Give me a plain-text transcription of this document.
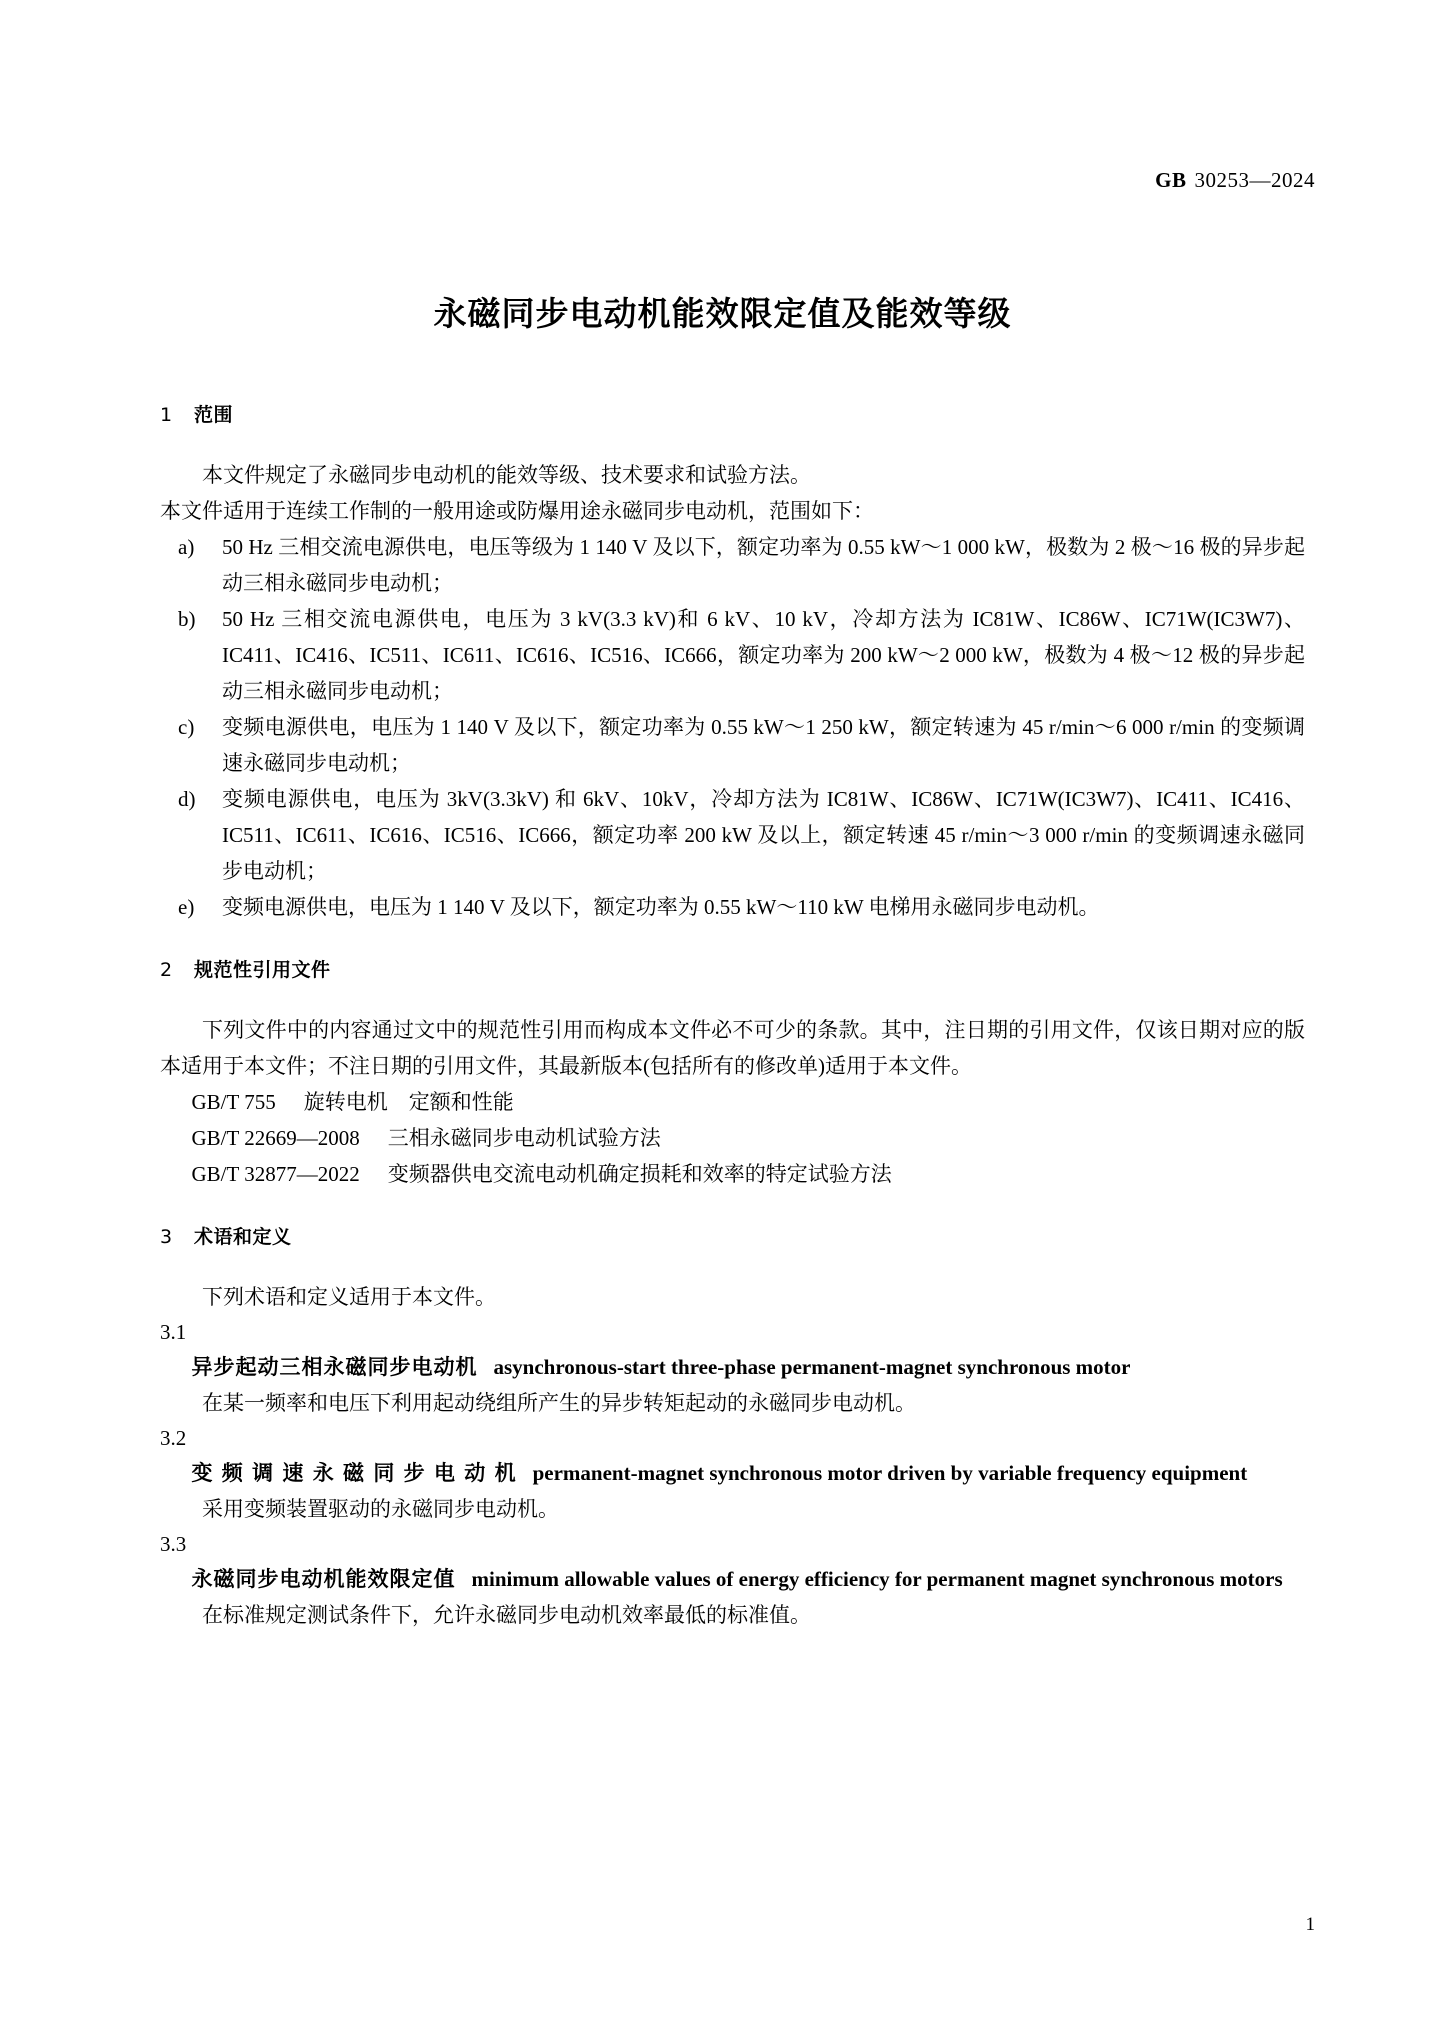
GB 30253—2024
永磁同步电动机能效限定值及能效等级
1 范围

本文件规定了永磁同步电动机的能效等级、技术要求和试验方法。

本文件适用于连续工作制的一般用途或防爆用途永磁同步电动机，范围如下：

a)	50 Hz 三相交流电源供电，电压等级为 1 140 V 及以下，额定功率为 0.55 kW～1 000 kW，极数为 2 极～16 极的异步起动三相永磁同步电动机；
b)	50 Hz 三相交流电源供电，电压为 3 kV(3.3 kV)和 6 kV、10 kV，冷却方法为 IC81W、IC86W、IC71W(IC3W7)、IC411、IC416、IC511、IC611、IC616、IC516、IC666，额定功率为 200 kW～2 000 kW，极数为 4 极～12 极的异步起动三相永磁同步电动机；
c)	变频电源供电，电压为 1 140 V 及以下，额定功率为 0.55 kW～1 250 kW，额定转速为 45 r/min～6 000 r/min 的变频调速永磁同步电动机；
d)	变频电源供电，电压为 3kV(3.3kV) 和 6kV、10kV，冷却方法为 IC81W、IC86W、IC71W(IC3W7)、IC411、IC416、IC511、IC611、IC616、IC516、IC666，额定功率 200 kW 及以上，额定转速 45 r/min～3 000 r/min 的变频调速永磁同步电动机；
e)	变频电源供电，电压为 1 140 V 及以下，额定功率为 0.55 kW～110 kW 电梯用永磁同步电动机。
2 规范性引用文件

下列文件中的内容通过文中的规范性引用而构成本文件必不可少的条款。其中，注日期的引用文件，仅该日期对应的版本适用于本文件；不注日期的引用文件，其最新版本(包括所有的修改单)适用于本文件。

GB/T 755 旋转电机　定额和性能

GB/T 22669—2008 三相永磁同步电动机试验方法

GB/T 32877—2022 变频器供电交流电动机确定损耗和效率的特定试验方法

3 术语和定义

下列术语和定义适用于本文件。

3.1

异步起动三相永磁同步电动机 asynchronous-start three-phase permanent-magnet synchronous motor

在某一频率和电压下利用起动绕组所产生的异步转矩起动的永磁同步电动机。

3.2

变 频 调 速 永 磁 同 步 电 动 机 permanent-magnet synchronous motor driven by variable frequency equipment

采用变频装置驱动的永磁同步电动机。

3.3

永磁同步电动机能效限定值 minimum allowable values of energy efficiency for permanent magnet synchronous motors

在标准规定测试条件下，允许永磁同步电动机效率最低的标准值。

1
